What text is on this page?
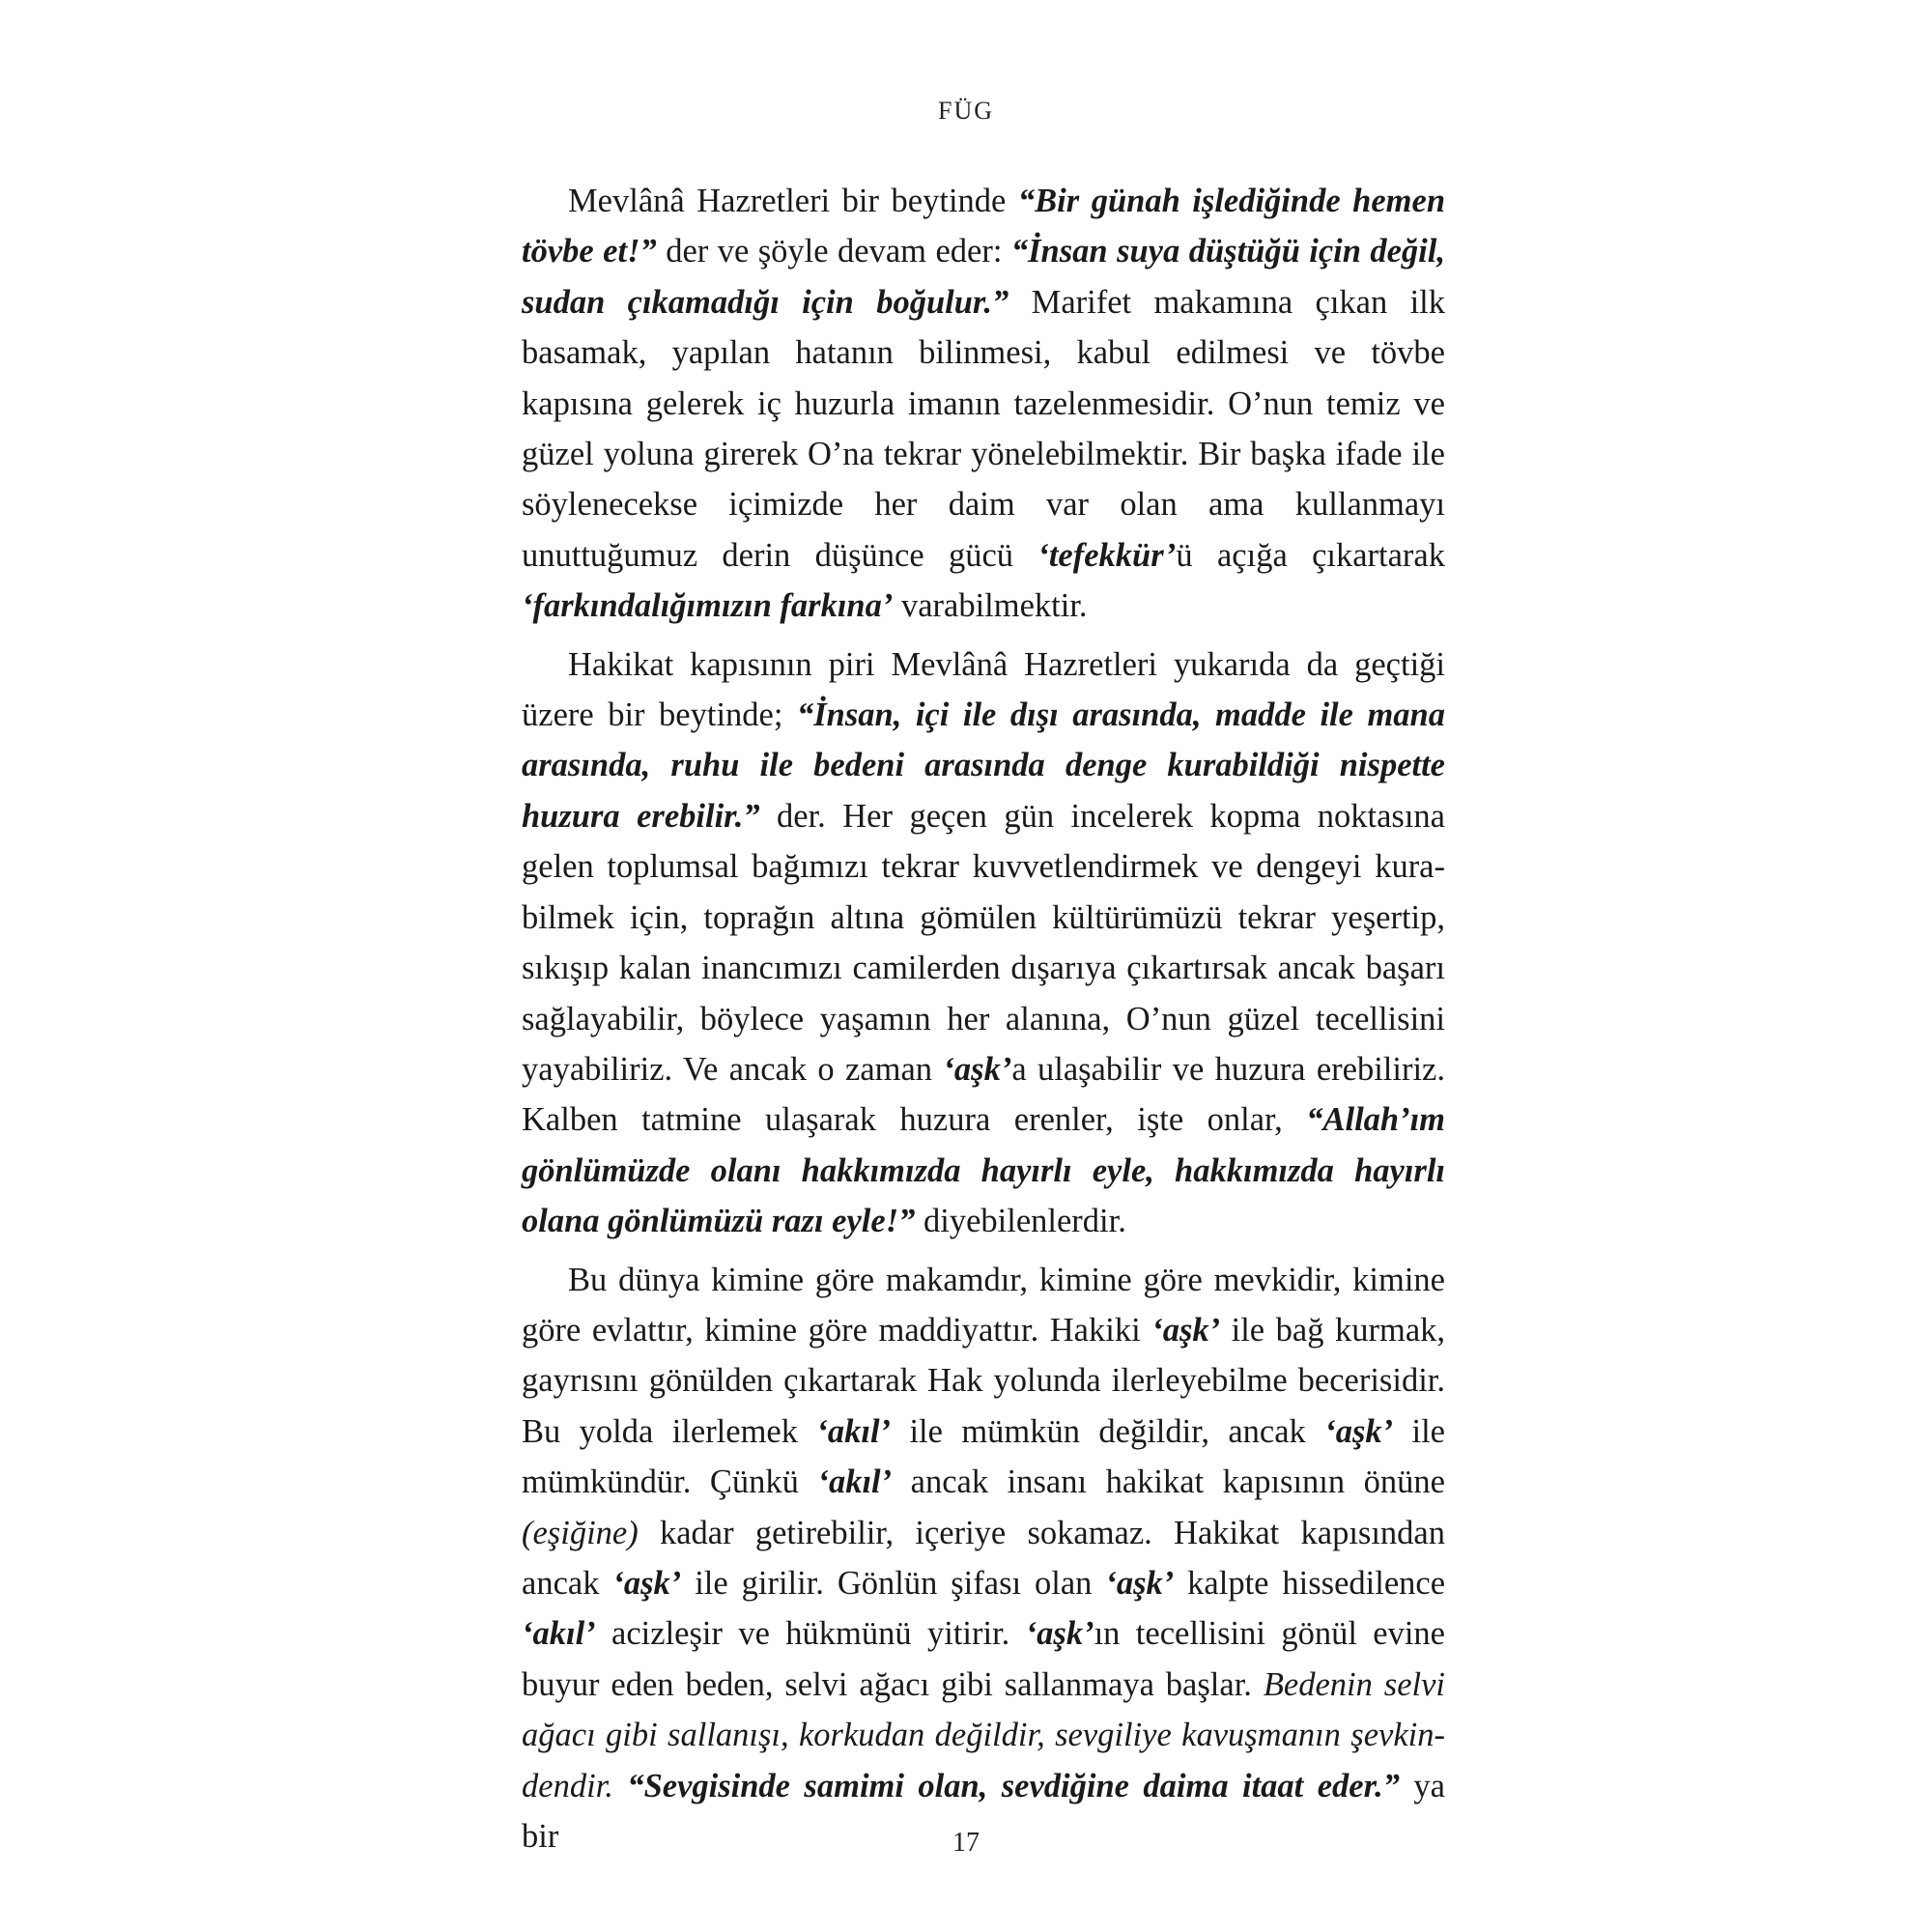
FÜG

Mevlânâ Hazretleri bir beytinde “Bir günah işlediğinde hemen tövbe et!” der ve şöyle devam eder: “İnsan suya düştüğü için değil, sudan çıkamadığı için boğulur.” Marifet makamına çıkan ilk basamak, yapılan hatanın bilinmesi, kabul edilmesi ve tövbe kapısına gelerek iç huzurla imanın tazelenmesidir. O’nun temiz ve güzel yoluna girerek O’na tekrar yönelebilmektir. Bir başka ifade ile söylenecekse içimizde her daim var olan ama kullanmayı unuttuğumuz derin düşünce gücü ‘tefekkür’ü açığa çıkartarak ‘farkındalığımızın farkına’ varabilmektir.

Hakikat kapısının piri Mevlânâ Hazretleri yukarıda da geçtiği üzere bir beytinde; “İnsan, içi ile dışı arasında, madde ile mana arasında, ruhu ile bedeni arasında denge kurabildiği nispette huzura erebilir.” der. Her geçen gün incelerek kopma noktasına gelen toplumsal bağımızı tekrar kuvvetlendirmek ve dengeyi kurabilmek için, toprağın altına gömülen kültürümüzü tekrar yeşertip, sıkışıp kalan inancımızı camilerden dışarıya çıkartırsak ancak başarı sağlayabilir, böylece yaşamın her alanına, O’nun güzel tecellisini yayabiliriz. Ve ancak o zaman ‘aşk’a ulaşabilir ve huzura erebiliriz. Kalben tatmine ulaşarak huzura erenler, işte onlar, “Allah’ım gönlümüzde olanı hakkımızda hayırlı eyle, hakkımızda hayırlı olana gönlümüzü razı eyle!” diyebilenlerdir.

Bu dünya kimine göre makamdır, kimine göre mevkidir, kimine göre evlattır, kimine göre maddiyattır. Hakiki ‘aşk’ ile bağ kurmak, gayrısını gönülden çıkartarak Hak yolunda ilerleyebilme becerisidir. Bu yolda ilerlemek ‘akıl’ ile mümkün değildir, ancak ‘aşk’ ile mümkündür. Çünkü ‘akıl’ ancak insanı hakikat kapısının önüne (eşiğine) kadar getirebilir, içeriye sokamaz. Hakikat kapısından ancak ‘aşk’ ile girilir. Gönlün şifası olan ‘aşk’ kalpte hissedilence ‘akıl’ acizleşir ve hükmünü yitirir. ‘aşk’ın tecellisini gönül evine buyur eden beden, selvi ağacı gibi sallanmaya başlar. Bedenin selvi ağacı gibi sallanışı, korkudan değildir, sevgiliye kavuşmanın şevkindendir. “Sevgisinde samimi olan, sevdiğine daima itaat eder.” ya bir	17
